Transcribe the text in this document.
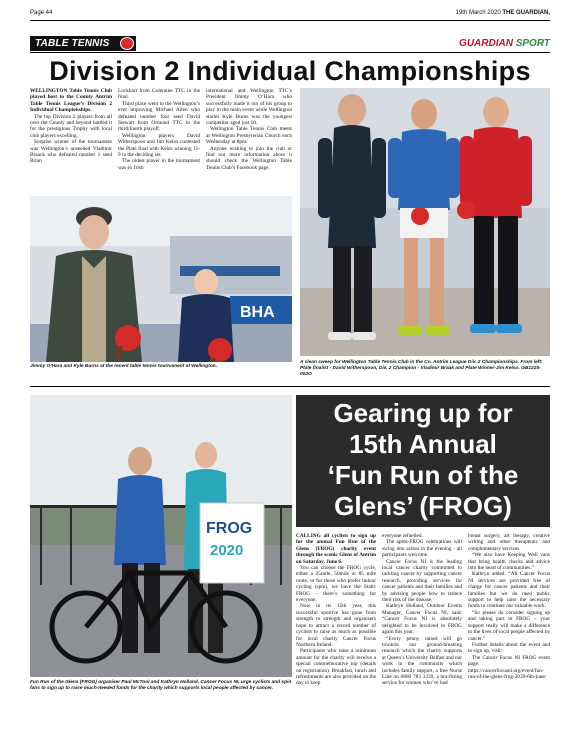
Page 44	19th March 2020 THE GUARDIAN,
TABLE TENNIS	GUARDIAN SPORT
Division 2 Individual Championships

WELLINGTON Table Tennis Club played host to the County Antrim Table Tennis League’s Division 2 Individual Championships.

The top Division 2 players from all over the County and beyond battled it for the prestigious Trophy with local club players excelling.

Surprise winner of the tournament was Wellington’s unseeded Vladimir Braack who defeated number 1 seed Brian

Lockhart from Coleraine TTC in the final.

Third place went to the Wellington’s ever improving Michael Allen who defeated number four seed David Stewart from Ormond TTC in the third/fourth playoff.

Wellington players David Witherspoon and Jim Kelso contested the Plate final with Kelso winning 11-9 in the deciding set.

The oldest player in the tournament was ex Irish

international and Wellington TTC’s President Jimmy O’Hara who successfully made it out of his group to play in the main event while Wellington starlet Kyle Burns was the youngest competitor aged just 10.

Wellington Table Tennis Club meets at Wellington Presbyterian Church each Wednesday at 8pm.

Anyone wishing to join the club or find out more information about it should check the Wellington Table Tennis Club’s Facebook page.

BHA
Jimmy O’Hara and Kyle Burns at the recent table tennis tournament at Wellington.
A clean sweep for Wellington Table Tennis Club in the Co. Antrim League Div. 2 Championships. From left: Plate finalist - David Witherspoon, Div. 2 Champion - Vladimir Braak and Plate Winner-Jim Kelso. GB1215-002O
FROG
2020
Fun Run of the Glens (FROG) organiser Paul McTool and Kathryn Holland, Cancer Focus NI, urge cyclists and spin fans to sign up to raise much-needed funds for the charity which supports local people affected by cancer.
Gearing up for
15th Annual
‘Fun Run of the
Glens’ (FROG)

CALLING all cyclists to sign up for the annual Fun Run of the Glens (FROG) charity event through the scenic Glens of Antrim on Saturday, June 6.

You can choose the FROG cycle, either a 25mile, 50mile or 85 mile route, or for those who prefer indoor cycling (spin), we have the Static FROG – there’s something for everyone.

Now in its 15th year, this successful sportive has gone from strength to strength and organisers hope to attract a record number of cyclists to raise as much as possible for local charity Cancer Focus Northern Ireland.

Participants who raise a minimum amount for the charity will receive a special commemorative top (details on registration). Breakfast, lunch and refreshments are also provided on the day to keep

everyone refuelled.

The après-FROG celebrations will swing into action in the evening - all participants welcome.

Cancer Focus NI is the leading local cancer charity committed to tackling cancer by supporting cancer research, providing services for cancer patients and their families and by advising people how to reduce their risk of the disease.

Kathryn Holland, Outdoor Events Manager, Cancer Focus NI, said: “Cancer Focus NI is absolutely delighted to be involved in FROG again this year.

“Every penny raised will go towards our ground-breaking research which the charity supports at Queen’s University Belfast and our work in the community which includes family support, a free Nurse Line on 0800 783 3339, a bra-fitting service for women who’ve had

breast surgery, art therapy, creative writing and other therapeutic and complementary services.

“We also have Keeping Well vans that bring health checks and advice into the heart of communities.”

Kathryn added: “All Cancer Focus NI services are provided free of charge for cancer patients and their families but we do need public support to help raise the necessary funds to continue our valuable work.

“So please do consider signing up and taking part in FROG – your support really will make a difference to the lives of local people affected by cancer.”

Further details about the event and to sign up, visit:-

The Cancer Focus NI FROG event page: https://cancerfocusni.org/event/fun-run-of-the-glens-frog-2020-6th-june/
